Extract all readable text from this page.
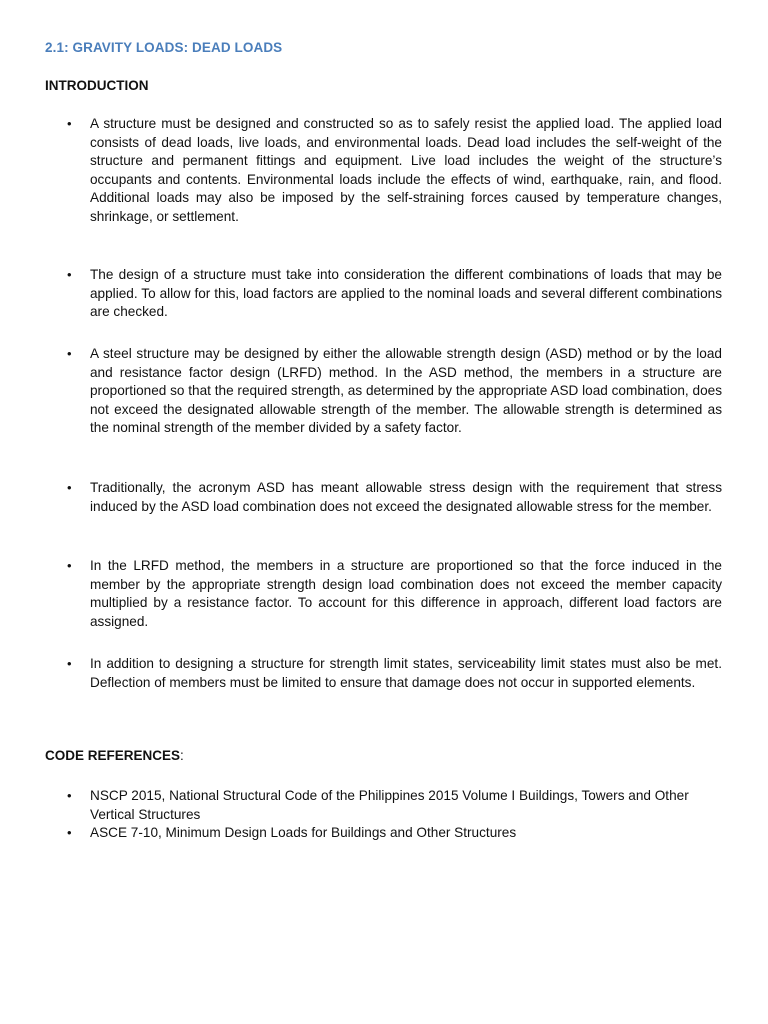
2.1: GRAVITY LOADS: DEAD LOADS
INTRODUCTION
• A structure must be designed and constructed so as to safely resist the applied load. The applied load consists of dead loads, live loads, and environmental loads. Dead load includes the self-weight of the structure and permanent fittings and equipment. Live load includes the weight of the structure’s occupants and contents. Environmental loads include the effects of wind, earthquake, rain, and flood. Additional loads may also be imposed by the self-straining forces caused by temperature changes, shrinkage, or settlement.

• The design of a structure must take into consideration the different combinations of loads that may be applied. To allow for this, load factors are applied to the nominal loads and several different combinations are checked.

• A steel structure may be designed by either the allowable strength design (ASD) method or by the load and resistance factor design (LRFD) method. In the ASD method, the members in a structure are proportioned so that the required strength, as determined by the appropriate ASD load combination, does not exceed the designated allowable strength of the member. The allowable strength is determined as the nominal strength of the member divided by a safety factor.

• Traditionally, the acronym ASD has meant allowable stress design with the requirement that stress induced by the ASD load combination does not exceed the designated allowable stress for the member.

• In the LRFD method, the members in a structure are proportioned so that the force induced in the member by the appropriate strength design load combination does not exceed the member capacity multiplied by a resistance factor. To account for this difference in approach, different load factors are assigned.

• In addition to designing a structure for strength limit states, serviceability limit states must also be met. Deflection of members must be limited to ensure that damage does not occur in supported elements.

CODE REFERENCES:
• NSCP 2015, National Structural Code of the Philippines 2015 Volume I Buildings, Towers and Other Vertical Structures

• ASCE 7-10, Minimum Design Loads for Buildings and Other Structures
